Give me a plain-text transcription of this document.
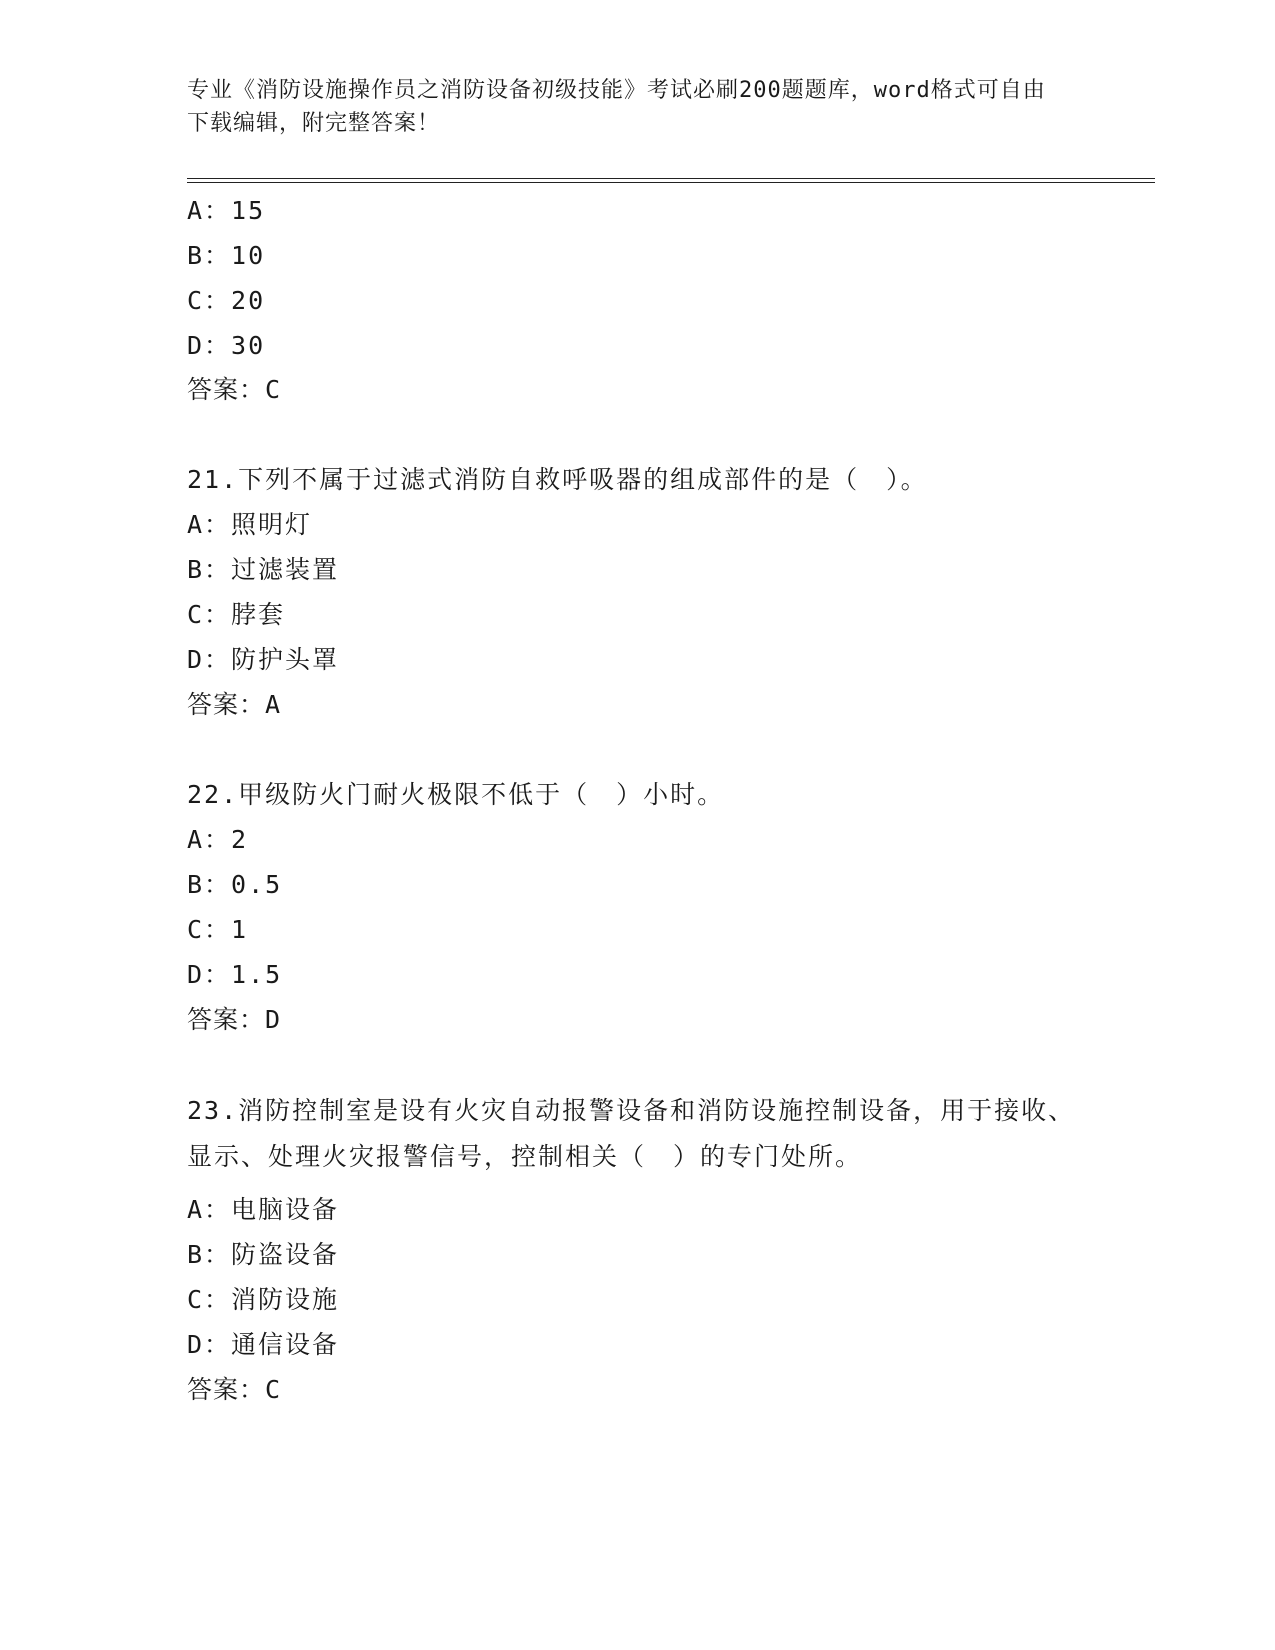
专业《消防设施操作员之消防设备初级技能》考试必刷200题题库，word格式可自由下载编辑，附完整答案！
A：15
B：10
C：20
D：30
答案：C
21.下列不属于过滤式消防自救呼吸器的组成部件的是（　）。
A：照明灯
B：过滤装置
C：脖套
D：防护头罩
答案：A
22.甲级防火门耐火极限不低于（　）小时。
A：2
B：0.5
C：1
D：1.5
答案：D
23.消防控制室是设有火灾自动报警设备和消防设施控制设备，用于接收、显示、处理火灾报警信号，控制相关（　）的专门处所。
A：电脑设备
B：防盗设备
C：消防设施
D：通信设备
答案：C
